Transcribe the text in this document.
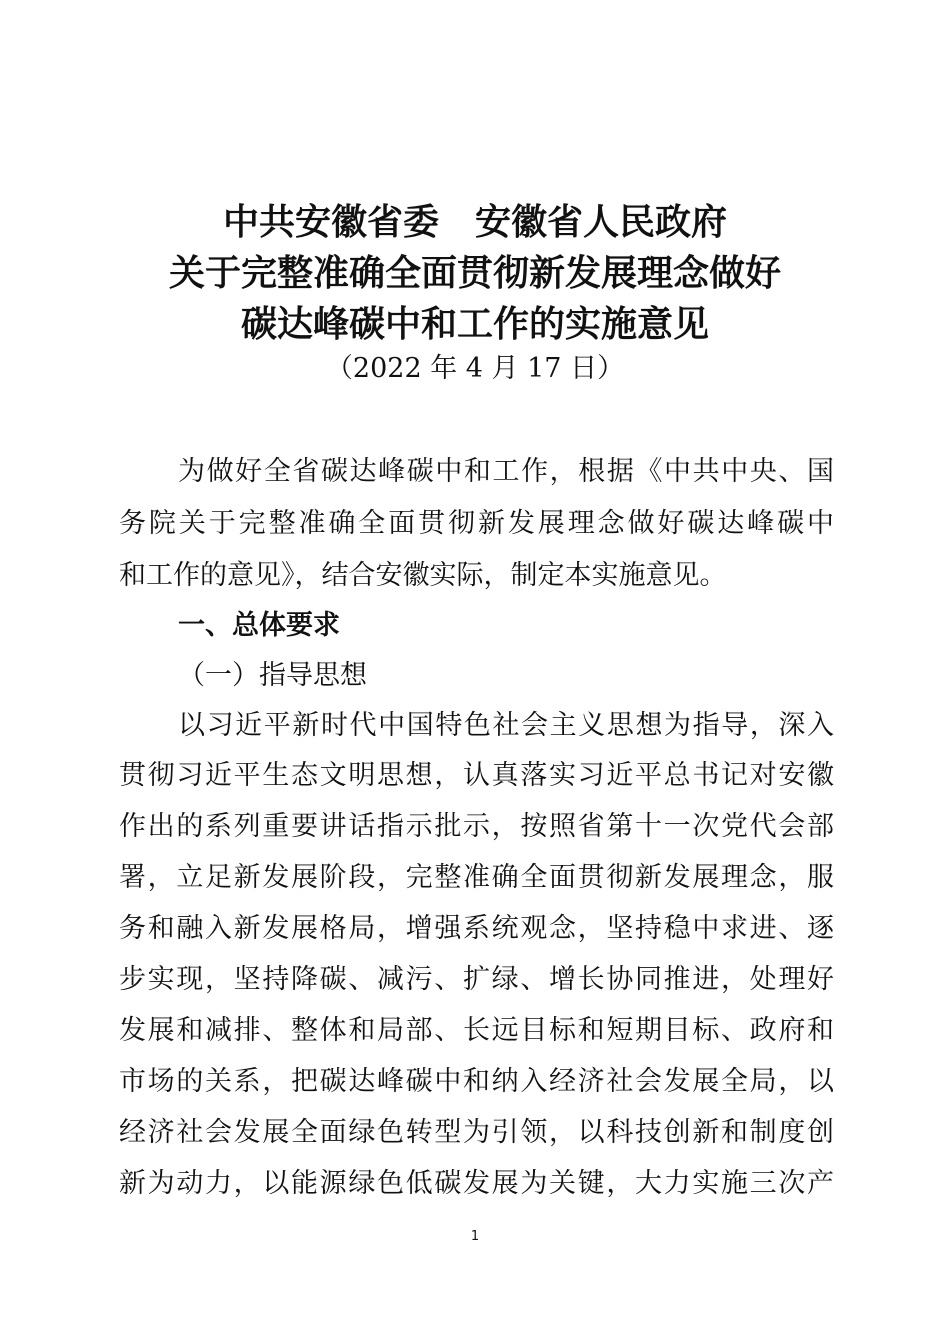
中共安徽省委　安徽省人民政府
关于完整准确全面贯彻新发展理念做好
碳达峰碳中和工作的实施意见
（2022 年 4 月 17 日）
为做好全省碳达峰碳中和工作，根据《中共中央、国
务院关于完整准确全面贯彻新发展理念做好碳达峰碳中
和工作的意见》，结合安徽实际，制定本实施意见。
一、总体要求
（一）指导思想
以习近平新时代中国特色社会主义思想为指导，深入
贯彻习近平生态文明思想，认真落实习近平总书记对安徽
作出的系列重要讲话指示批示，按照省第十一次党代会部
署，立足新发展阶段，完整准确全面贯彻新发展理念，服
务和融入新发展格局，增强系统观念，坚持稳中求进、逐
步实现，坚持降碳、减污、扩绿、增长协同推进，处理好
发展和减排、整体和局部、长远目标和短期目标、政府和
市场的关系，把碳达峰碳中和纳入经济社会发展全局，以
经济社会发展全面绿色转型为引领，以科技创新和制度创
新为动力，以能源绿色低碳发展为关键，大力实施三次产
1
